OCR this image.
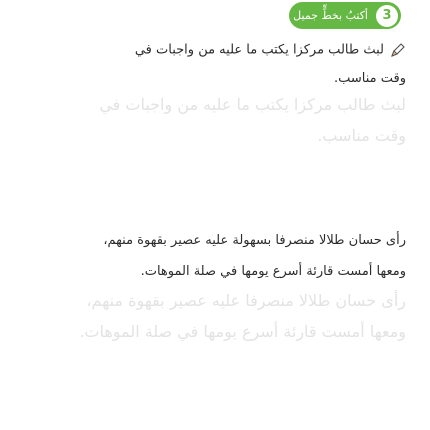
3
أكتبُ بخطٍّ جميل
لبث طالب مركزا يكتب ما عليه من واجبات في
وقت مناسب.
لبث طالب مركزا يكتب ما عليه من واجبات في
وقت مناسب.
رأى حسان طلالا منصرفا بسهولة عليه عصير بقهوة منهم،
ومعها أمست قارئة أسرع يومها في صلة الموهات.
رأى حسان طلالا منصرفا عليه عصير بقهوة منهم،
ومعها أمست قارئة أسرع يومها في صلة الموهات.
